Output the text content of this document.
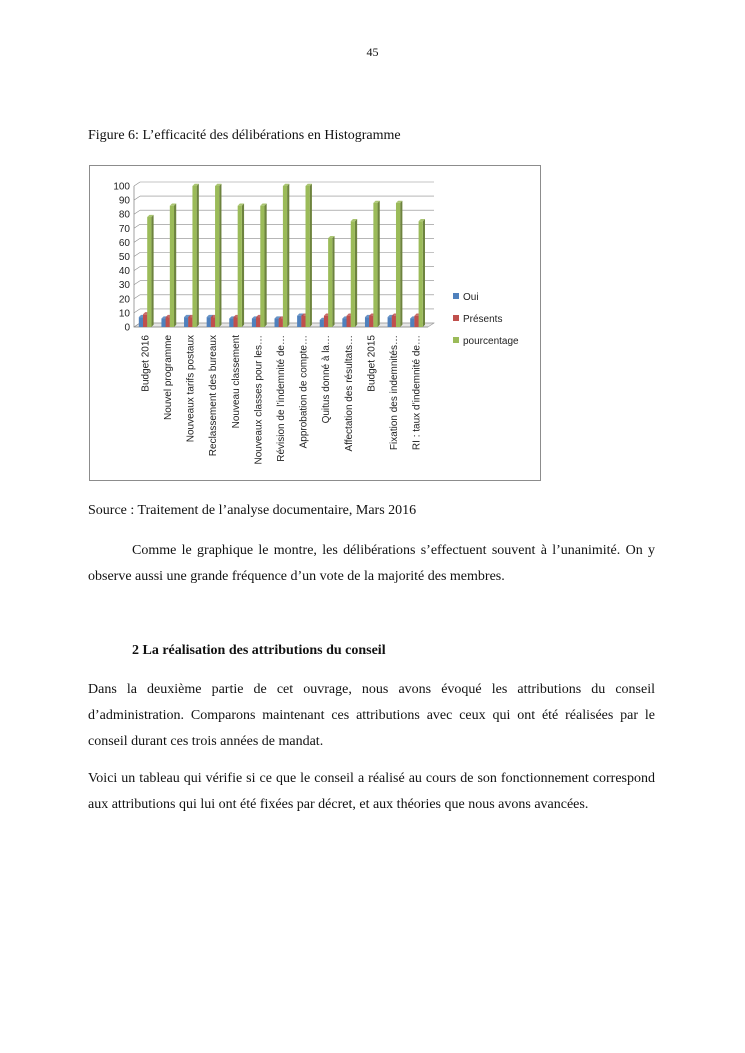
45
Figure 6: L’efficacité des délibérations en Histogramme
0
10
20
30
40
50
60
70
80
90
100
Budget 2016 Nouvel programme Nouveaux tarifs postaux Reclassement des bureaux Nouveau classement Nouveaux classes pour les… Révision de l’indemnité de… Approbation de compte… Quitus donné à la… Affectation des résultats… Budget 2015 Fixation des indemnités… RI : taux d’indemnité de…
Oui
Présents
pourcentage
Source : Traitement de l’analyse documentaire, Mars 2016
Comme le graphique le montre, les délibérations s’effectuent souvent à l’unanimité. On y observe aussi une grande fréquence d’un vote de la majorité des membres.
2 La réalisation des attributions du conseil
Dans la deuxième partie de cet ouvrage, nous avons évoqué les attributions du conseil d’administration. Comparons maintenant ces attributions avec ceux qui ont été réalisées par le conseil durant ces trois années de mandat.
Voici un tableau qui vérifie si ce que le conseil a réalisé au cours de son fonctionnement correspond aux attributions qui lui ont été fixées par décret, et aux théories que nous avons avancées.
